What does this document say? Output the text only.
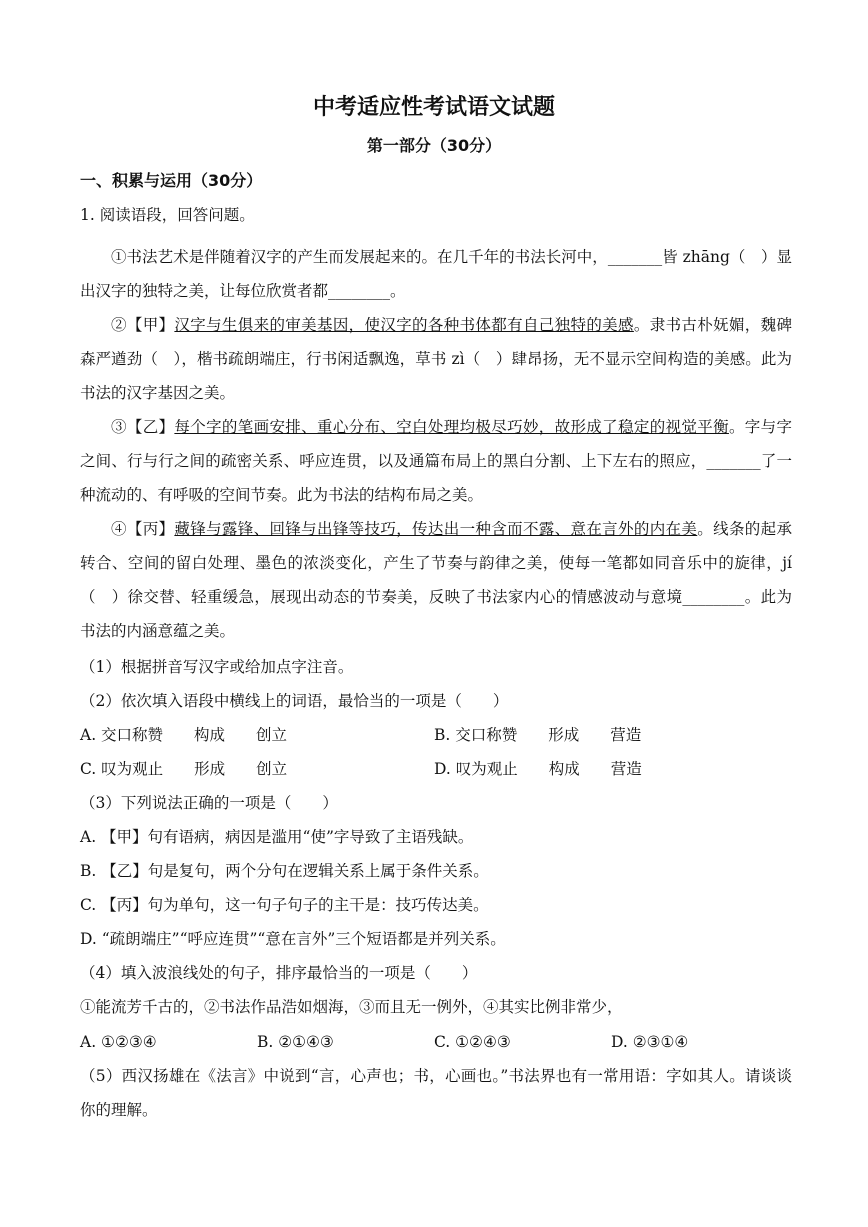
中考适应性考试语文试题
第一部分（30分）
一、积累与运用（30分）
1. 阅读语段，回答问题。
①书法艺术是伴随着汉字的产生而发展起来的。在几千年的书法长河中，_______皆 zhāng（　）显出汉字的独特之美，让每位欣赏者都________。
②【甲】汉字与生俱来的审美基因，使汉字的各种书体都有自己独特的美感。隶书古朴妩媚，魏碑森严遒劲（　），楷书疏朗端庄，行书闲适飘逸，草书 zì（　）肆昂扬，无不显示空间构造的美感。此为书法的汉字基因之美。
③【乙】每个字的笔画安排、重心分布、空白处理均极尽巧妙，故形成了稳定的视觉平衡。字与字之间、行与行之间的疏密关系、呼应连贯，以及通篇布局上的黑白分割、上下左右的照应，_______了一种流动的、有呼吸的空间节奏。此为书法的结构布局之美。
④【丙】藏锋与露锋、回锋与出锋等技巧，传达出一种含而不露、意在言外的内在美。线条的起承转合、空间的留白处理、墨色的浓淡变化，产生了节奏与韵律之美，使每一笔都如同音乐中的旋律，jí（　）徐交替、轻重缓急，展现出动态的节奏美，反映了书法家内心的情感波动与意境________。此为书法的内涵意蕴之美。
（1）根据拼音写汉字或给加点字注音。
（2）依次填入语段中横线上的词语，最恰当的一项是（　　）
A. 交口称赞　　构成　　创立	B. 交口称赞　　形成　　营造
C. 叹为观止　　形成　　创立	D. 叹为观止　　构成　　营造
（3）下列说法正确的一项是（　　）
A. 【甲】句有语病，病因是滥用“使”字导致了主语残缺。
B. 【乙】句是复句，两个分句在逻辑关系上属于条件关系。
C. 【丙】句为单句，这一句子句子的主干是：技巧传达美。
D. “疏朗端庄”“呼应连贯”“意在言外”三个短语都是并列关系。
（4）填入波浪线处的句子，排序最恰当的一项是（　　）
①能流芳千古的，②书法作品浩如烟海，③而且无一例外，④其实比例非常少，
A. ①②③④	B. ②①④③	C. ①②④③	D. ②③①④
（5）西汉扬雄在《法言》中说到“言，心声也；书，心画也。”书法界也有一常用语：字如其人。请谈谈你的理解。
